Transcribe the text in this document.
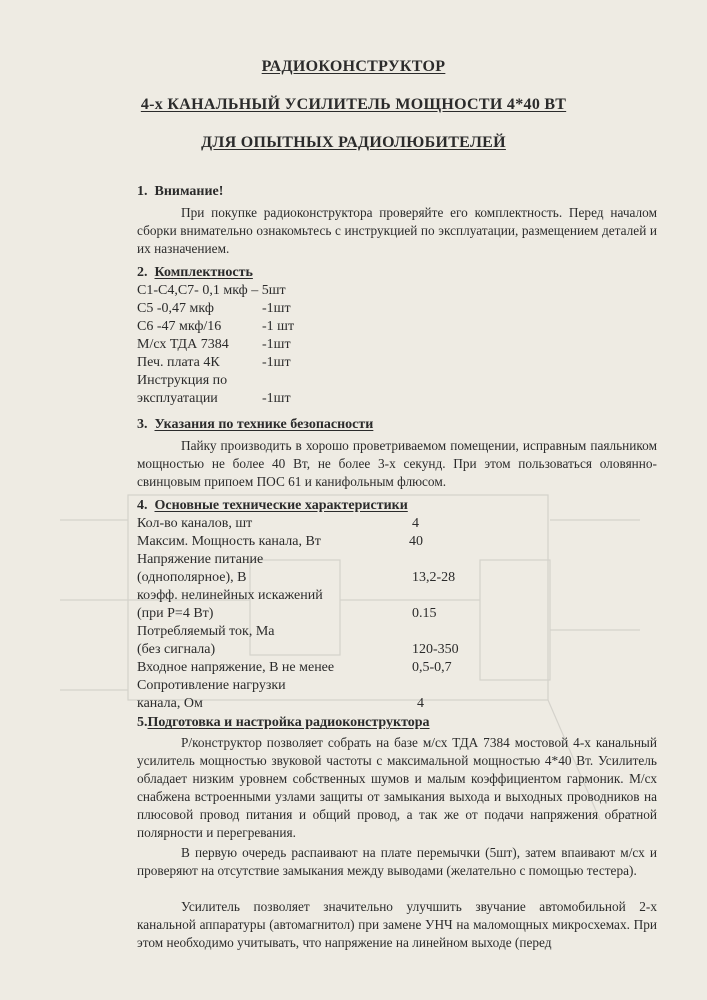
РАДИОКОНСТРУКТОР
4-х КАНАЛЬНЫЙ УСИЛИТЕЛЬ МОЩНОСТИ 4*40 ВТ
ДЛЯ ОПЫТНЫХ РАДИОЛЮБИТЕЛЕЙ
1. Внимание!
При покупке радиоконструктора проверяйте его комплектность. Перед началом сборки внимательно ознакомьтесь с инструкцией по эксплуатации, размещением деталей и их назначением.
2. Комплектность
С1-С4,С7- 0,1 мкф – 5шт
С5 -0,47 мкф	-1шт
С6 -47 мкф/16	-1 шт
М/сх ТДА 7384 -1шт
Печ. плата 4К	-1шт
Инструкция по
эксплуатации	-1шт
3. Указания по технике безопасности
Пайку производить в хорошо проветриваемом помещении, исправным паяльником мощностью не более 40 Вт, не более 3-х секунд. При этом пользоваться оловянно-свинцовым припоем ПОС 61 и канифольным флюсом.
4. Основные технические характеристики
Кол-во каналов, шт	4
Максим. Мощность канала, Вт	40
Напряжение питание
(однополярное), В	13,2-28
коэфф. нелинейных искажений
(при Р=4 Вт)	0.15
Потребляемый ток, Ма
(без сигнала)	120-350
Входное напряжение, В не менее	0,5-0,7
Сопротивление нагрузки
канала, Ом	4
5.Подготовка и настройка радиоконструктора
Р/конструктор позволяет собрать на базе м/сх ТДА 7384 мостовой 4-х канальный усилитель мощностью звуковой частоты с максимальной мощностью 4*40 Вт. Усилитель обладает низким уровнем собственных шумов и малым коэффициентом гармоник. М/сх снабжена встроенными узлами защиты от замыкания выхода и выходных проводников на плюсовой провод питания и общий провод, а так же от подачи напряжения обратной полярности и перегревания.
В первую очередь распаивают на плате перемычки (5шт), затем впаивают м/сх и проверяют на отсутствие замыкания между выводами (желательно с помощью тестера).
Усилитель позволяет значительно улучшить звучание автомобильной 2-х канальной аппаратуры (автомагнитол) при замене УНЧ на маломощных микросхемах. При этом необходимо учитывать, что напряжение на линейном выходе (перед
